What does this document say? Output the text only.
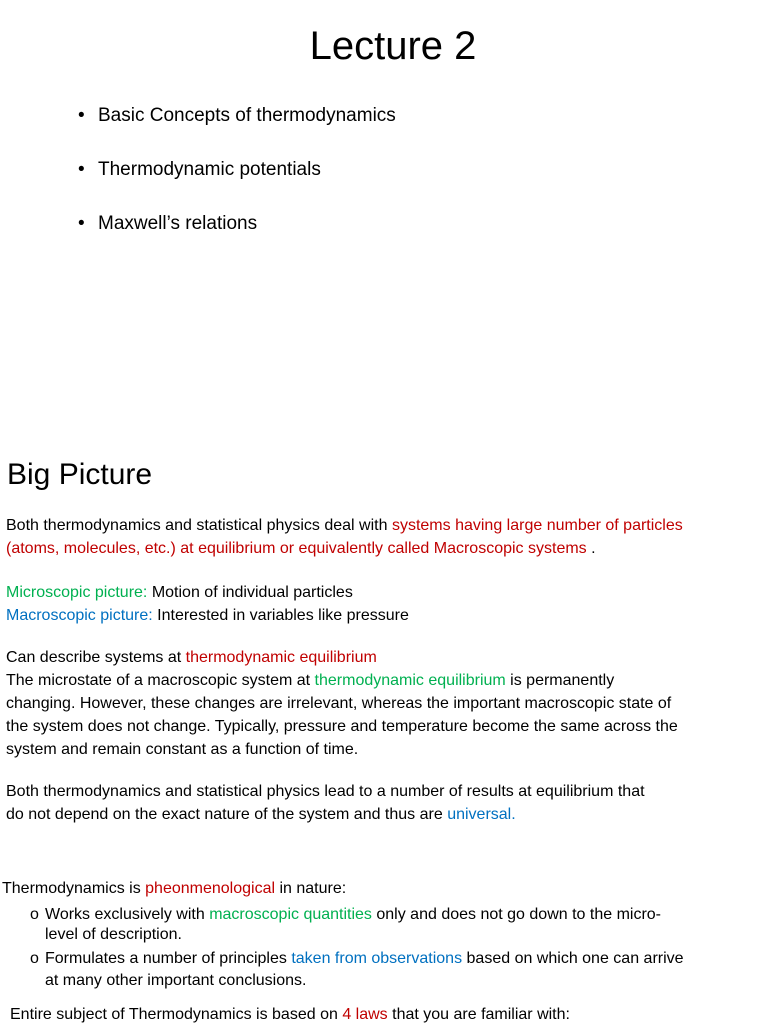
Lecture 2
• Basic Concepts of thermodynamics
• Thermodynamic potentials
• Maxwell’s relations
Big Picture
Both thermodynamics and statistical physics deal with systems having large number of particles
(atoms, molecules, etc.) at equilibrium or equivalently called Macroscopic systems .
Microscopic picture: Motion of individual particles
Macroscopic picture: Interested in variables like pressure
Can describe systems at thermodynamic equilibrium
The microstate of a macroscopic system at thermodynamic equilibrium is permanently
changing. However, these changes are irrelevant, whereas the important macroscopic state of
the system does not change. Typically, pressure and temperature become the same across the
system and remain constant as a function of time.
Both thermodynamics and statistical physics lead to a number of results at equilibrium that
do not depend on the exact nature of the system and thus are universal.
Thermodynamics is pheonmenological in nature:
o Works exclusively with macroscopic quantities only and does not go down to the micro-
level of description.
o Formulates a number of principles taken from observations based on which one can arrive
at many other important conclusions.
Entire subject of Thermodynamics is based on 4 laws that you are familiar with:
